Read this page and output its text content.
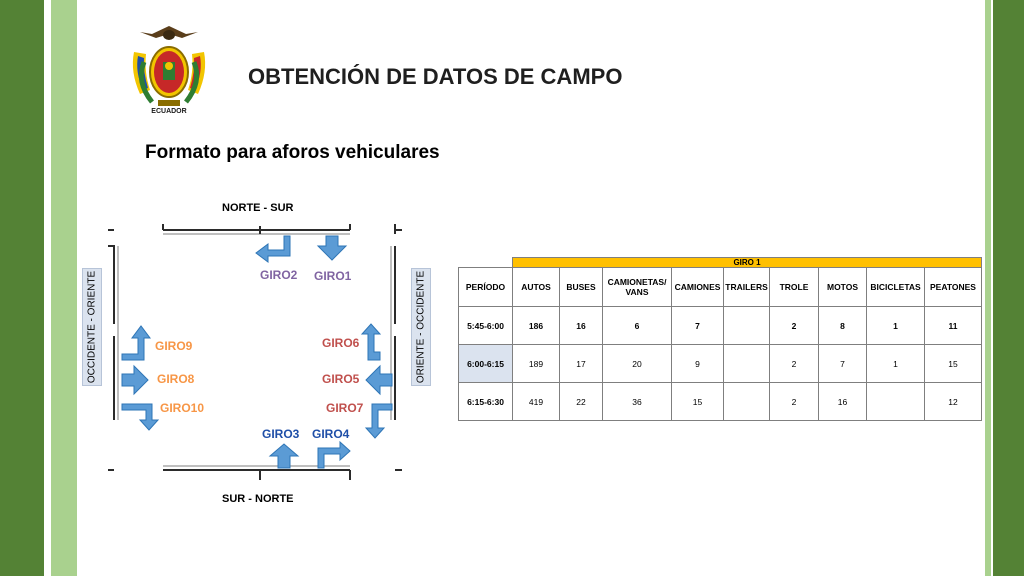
ECUADOR
OBTENCIÓN DE DATOS DE CAMPO
Formato para aforos vehiculares
NORTE - SUR
SUR - NORTE
OCCIDENTE - ORIENTE	ORIENTE - OCCIDENTE
GIRO2 GIRO1
GIRO9
GIRO8
GIRO10
GIRO6
GIRO5
GIRO7
GIRO3 GIRO4
	GIRO 1								
PERÍODO	AUTOS	BUSES	CAMIONETAS/ VANS	CAMIONES	TRAILERS	TROLE	MOTOS	BICICLETAS	PEATONES
5:45-6:00	186	16	6	7		2	8	1	11
6:00-6:15	189	17	20	9		2	7	1	15
6:15-6:30	419	22	36	15		2	16		12
